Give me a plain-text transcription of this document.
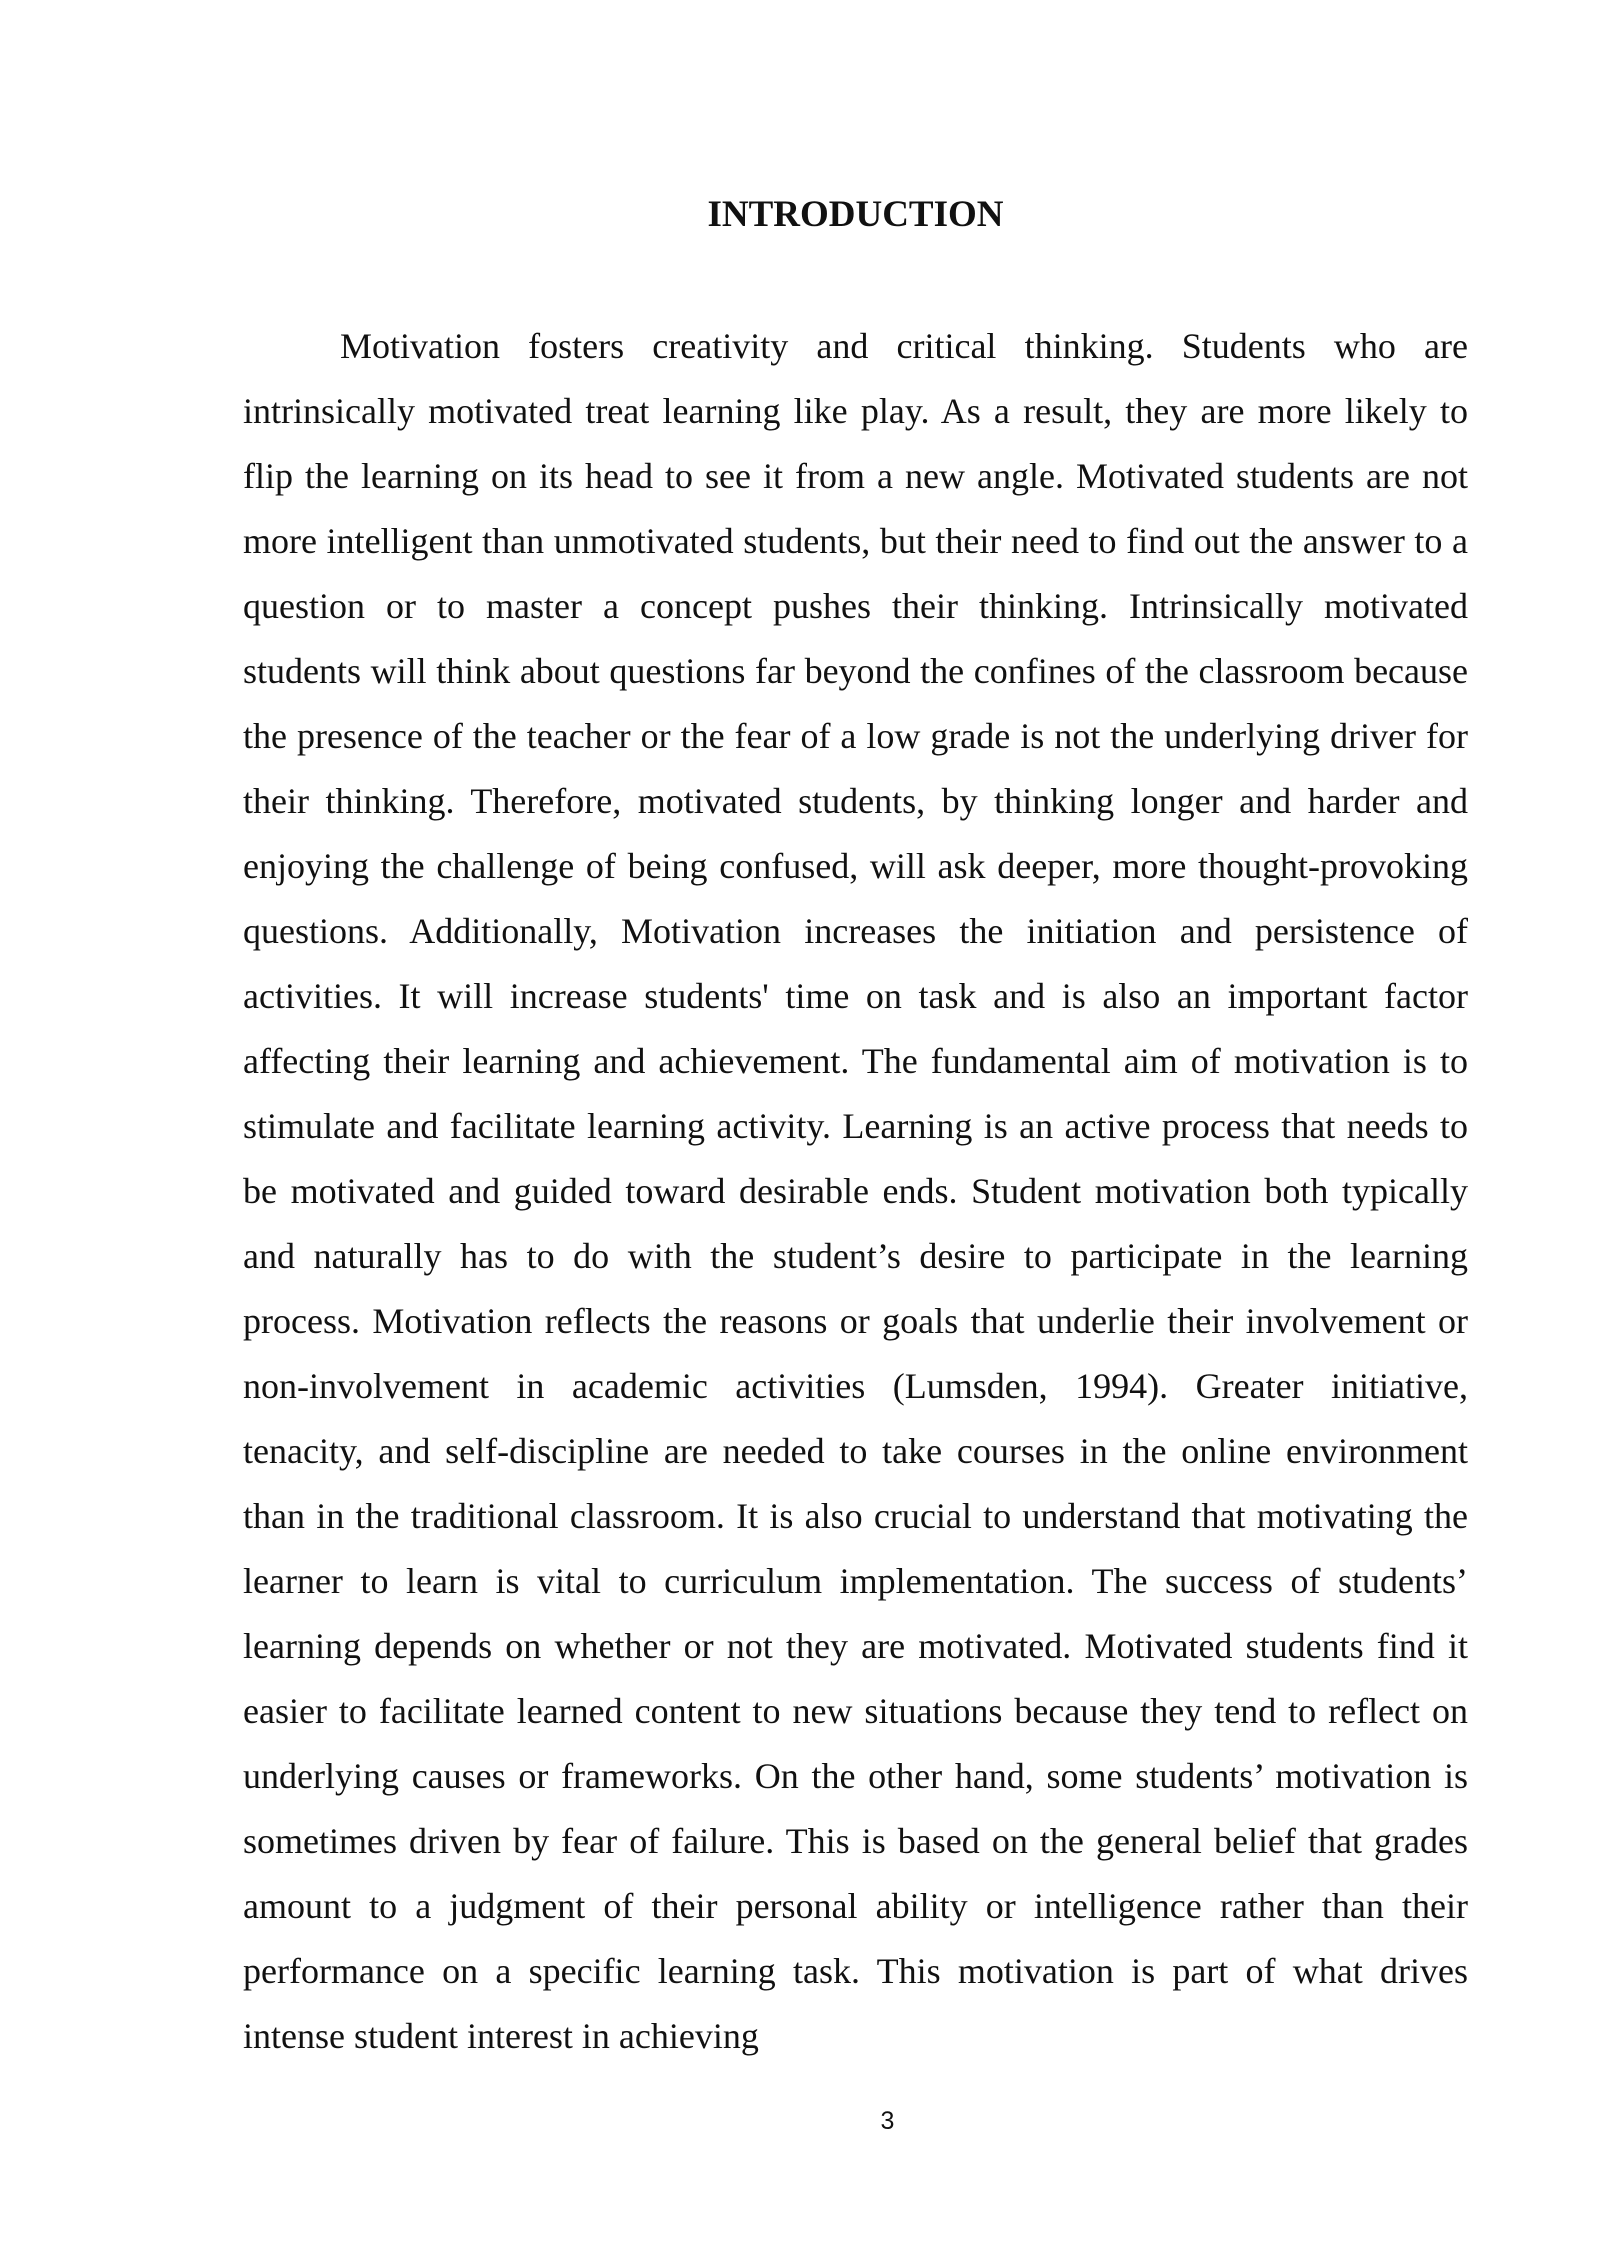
INTRODUCTION

Motivation fosters creativity and critical thinking. Students who are intrinsically motivated treat learning like play. As a result, they are more likely to flip the learning on its head to see it from a new angle. Motivated students are not more intelligent than unmotivated students, but their need to find out the answer to a question or to master a concept pushes their thinking. Intrinsically motivated students will think about questions far beyond the confines of the classroom because the presence of the teacher or the fear of a low grade is not the underlying driver for their thinking. Therefore, motivated students, by thinking longer and harder and enjoying the challenge of being confused, will ask deeper, more thought-provoking questions. Additionally, Motivation increases the initiation and persistence of activities. It will increase students' time on task and is also an important factor affecting their learning and achievement. The fundamental aim of motivation is to stimulate and facilitate learning activity. Learning is an active process that needs to be motivated and guided toward desirable ends. Student motivation both typically and naturally has to do with the student’s desire to participate in the learning process. Motivation reflects the reasons or goals that underlie their involvement or non-involvement in academic activities (Lumsden, 1994). Greater initiative, tenacity, and self-discipline are needed to take courses in the online environment than in the traditional classroom. It is also crucial to understand that motivating the learner to learn is vital to curriculum implementation. The success of students’ learning depends on whether or not they are motivated. Motivated students find it easier to facilitate learned content to new situations because they tend to reflect on underlying causes or frameworks. On the other hand, some students’ motivation is sometimes driven by fear of failure. This is based on the general belief that grades amount to a judgment of their personal ability or intelligence rather than their performance on a specific learning task. This motivation is part of what drives intense student interest in achieving

3
